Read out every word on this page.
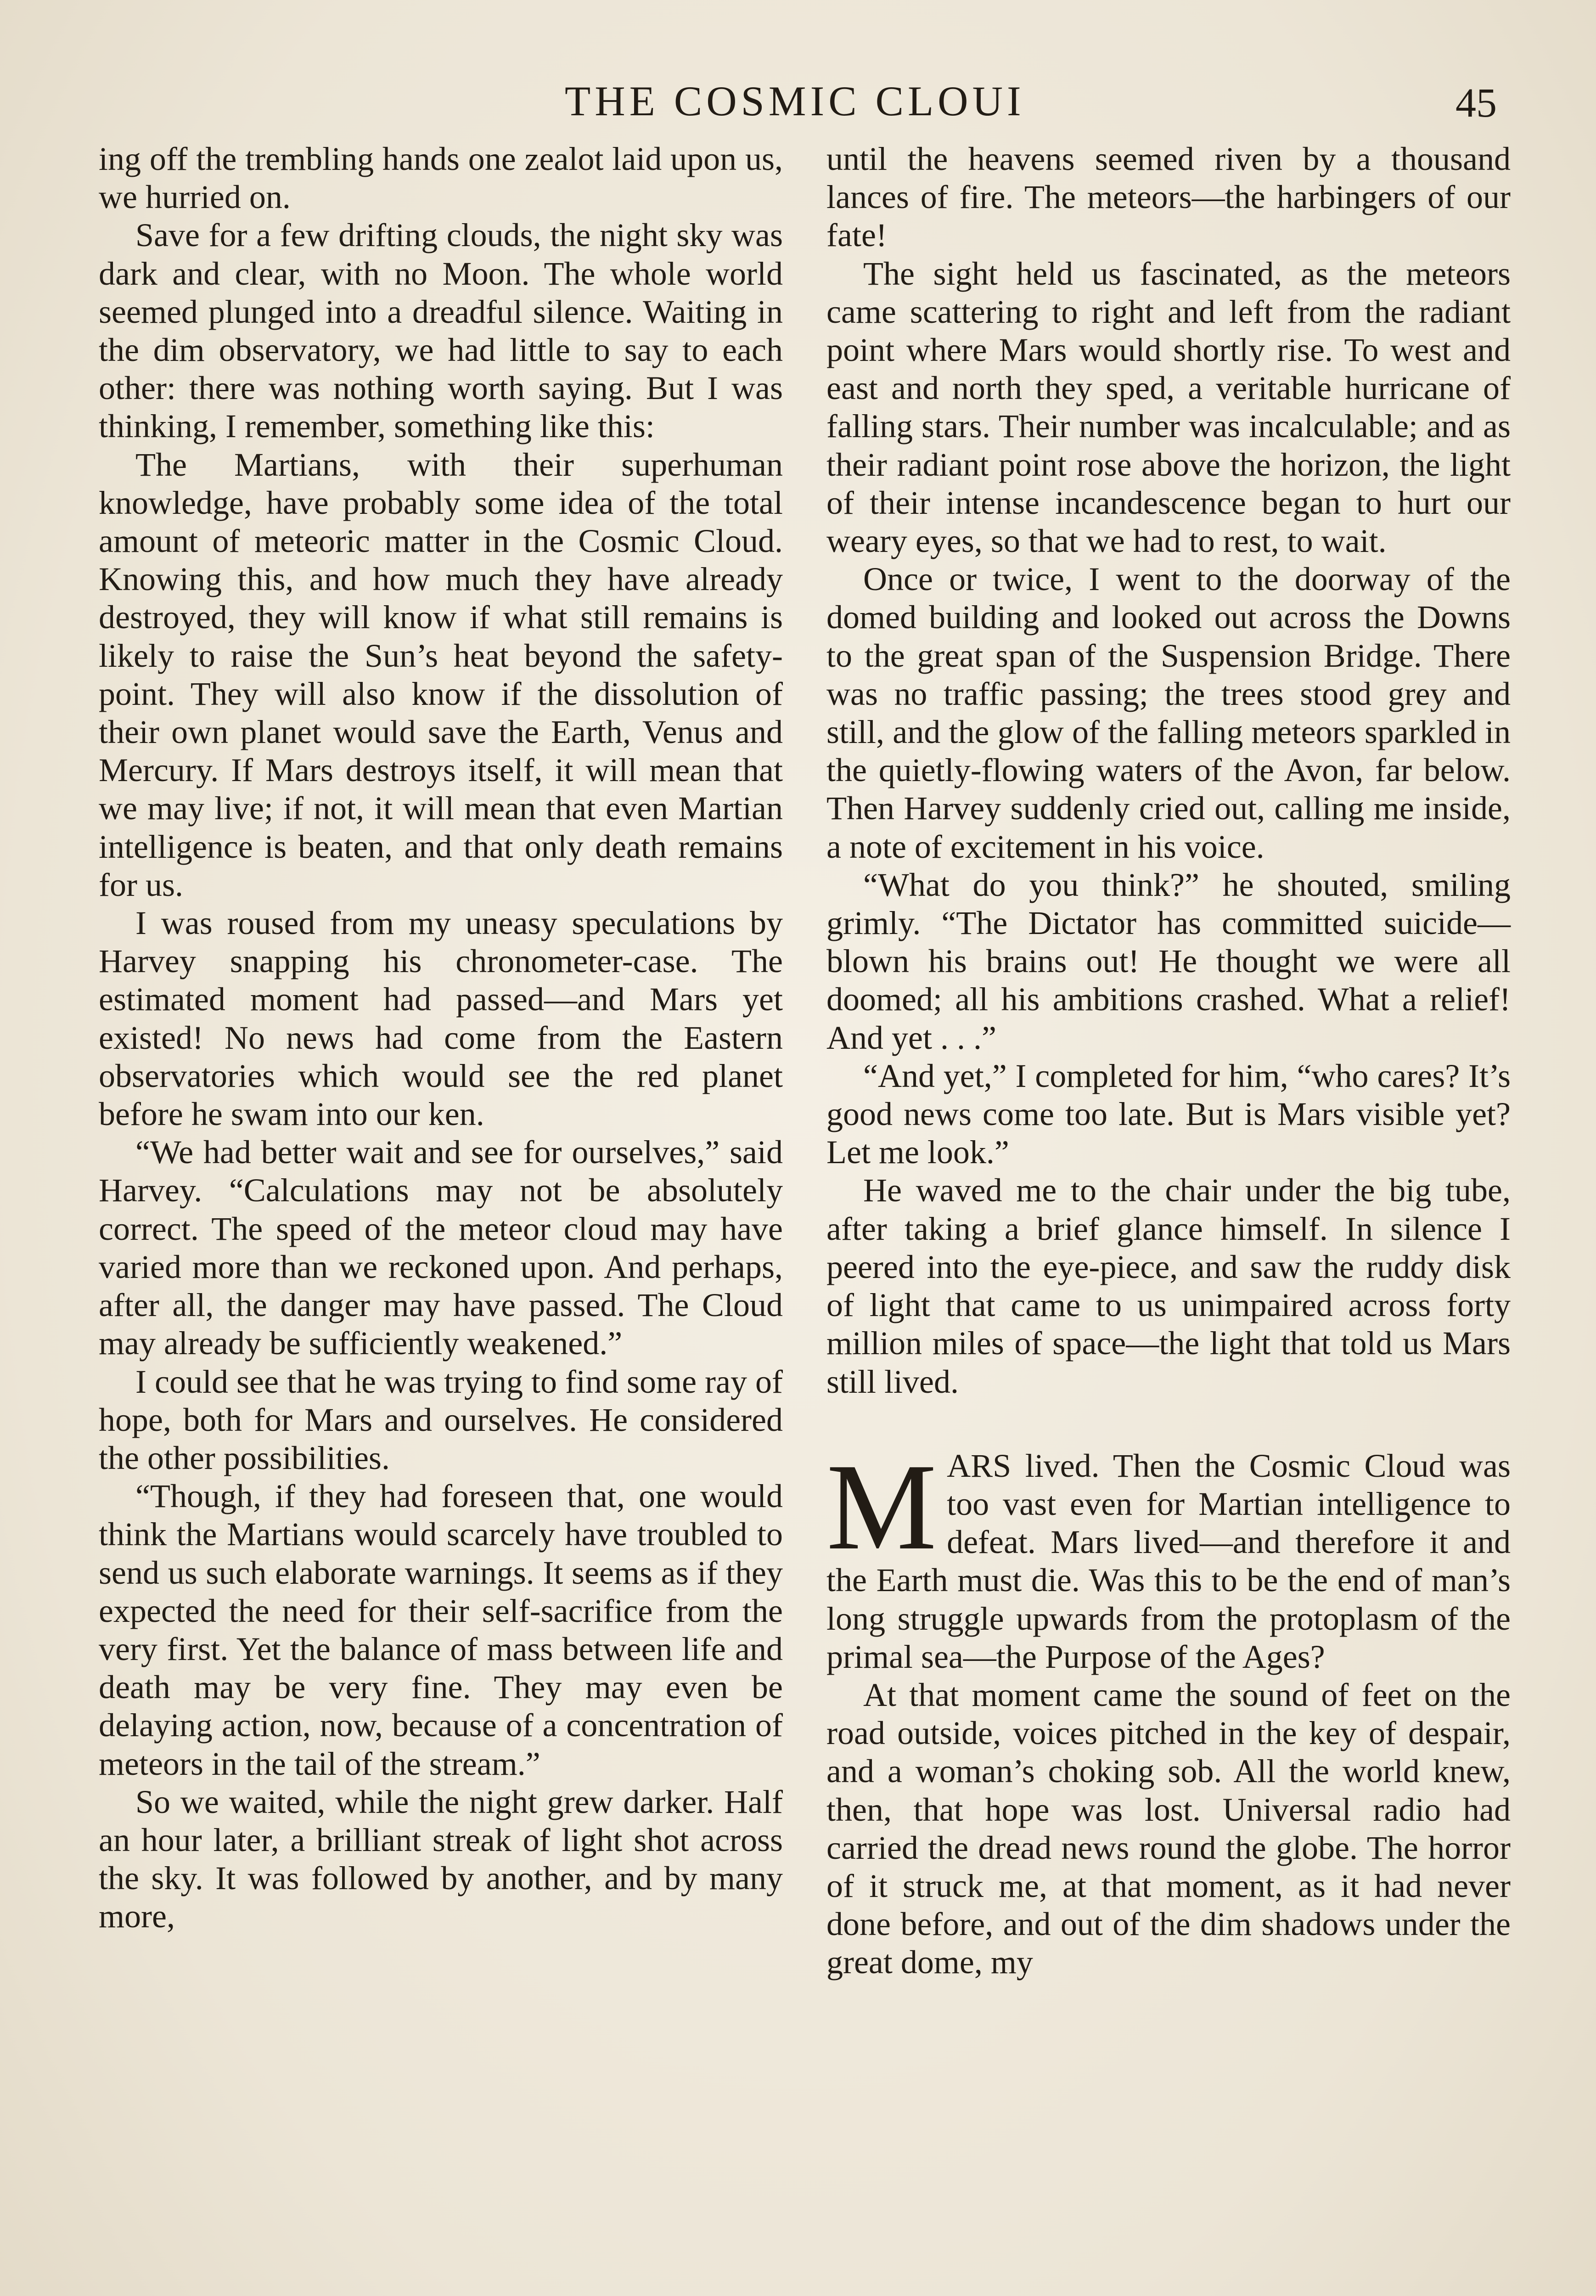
THE COSMIC CLOUI	45

ing off the trembling hands one zealot laid upon us, we hurried on.

Save for a few drifting clouds, the night sky was dark and clear, with no Moon. The whole world seemed plunged into a dreadful silence. Waiting in the dim observatory, we had little to say to each other: there was nothing worth saying. But I was thinking, I remember, something like this:

The Martians, with their superhuman knowledge, have probably some idea of the total amount of meteoric matter in the Cosmic Cloud. Knowing this, and how much they have already destroyed, they will know if what still remains is likely to raise the Sun’s heat beyond the safety-point. They will also know if the dissolution of their own planet would save the Earth, Venus and Mercury. If Mars destroys itself, it will mean that we may live; if not, it will mean that even Martian intelligence is beaten, and that only death remains for us.

I was roused from my uneasy speculations by Harvey snapping his chronometer-case. The estimated moment had passed—and Mars yet existed! No news had come from the Eastern observatories which would see the red planet before he swam into our ken.

“We had better wait and see for ourselves,” said Harvey. “Calculations may not be absolutely correct. The speed of the meteor cloud may have varied more than we reckoned upon. And perhaps, after all, the danger may have passed. The Cloud may already be sufficiently weakened.”

I could see that he was trying to find some ray of hope, both for Mars and ourselves. He considered the other possibilities.

“Though, if they had foreseen that, one would think the Martians would scarcely have troubled to send us such elaborate warnings. It seems as if they expected the need for their self-sacrifice from the very first. Yet the balance of mass between life and death may be very fine. They may even be delaying action, now, because of a concentration of meteors in the tail of the stream.”

So we waited, while the night grew darker. Half an hour later, a brilliant streak of light shot across the sky. It was followed by another, and by many more,

until the heavens seemed riven by a thousand lances of fire. The meteors—the harbingers of our fate!

The sight held us fascinated, as the meteors came scattering to right and left from the radiant point where Mars would shortly rise. To west and east and north they sped, a veritable hurricane of falling stars. Their number was incalculable; and as their radiant point rose above the horizon, the light of their intense incandescence began to hurt our weary eyes, so that we had to rest, to wait.

Once or twice, I went to the doorway of the domed building and looked out across the Downs to the great span of the Suspension Bridge. There was no traffic passing; the trees stood grey and still, and the glow of the falling meteors sparkled in the quietly-flowing waters of the Avon, far below. Then Harvey suddenly cried out, calling me inside, a note of excitement in his voice.

“What do you think?” he shouted, smiling grimly. “The Dictator has committed suicide—blown his brains out! He thought we were all doomed; all his ambitions crashed. What a relief! And yet . . .”

“And yet,” I completed for him, “who cares? It’s good news come too late. But is Mars visible yet? Let me look.”

He waved me to the chair under the big tube, after taking a brief glance himself. In silence I peered into the eye-piece, and saw the ruddy disk of light that came to us unimpaired across forty million miles of space—the light that told us Mars still lived.

MARS lived. Then the Cosmic Cloud was too vast even for Martian intelligence to defeat. Mars lived—and therefore it and the Earth must die. Was this to be the end of man’s long struggle upwards from the protoplasm of the primal sea—the Purpose of the Ages?

At that moment came the sound of feet on the road outside, voices pitched in the key of despair, and a woman’s choking sob. All the world knew, then, that hope was lost. Universal radio had carried the dread news round the globe. The horror of it struck me, at that moment, as it had never done before, and out of the dim shadows under the great dome, my
